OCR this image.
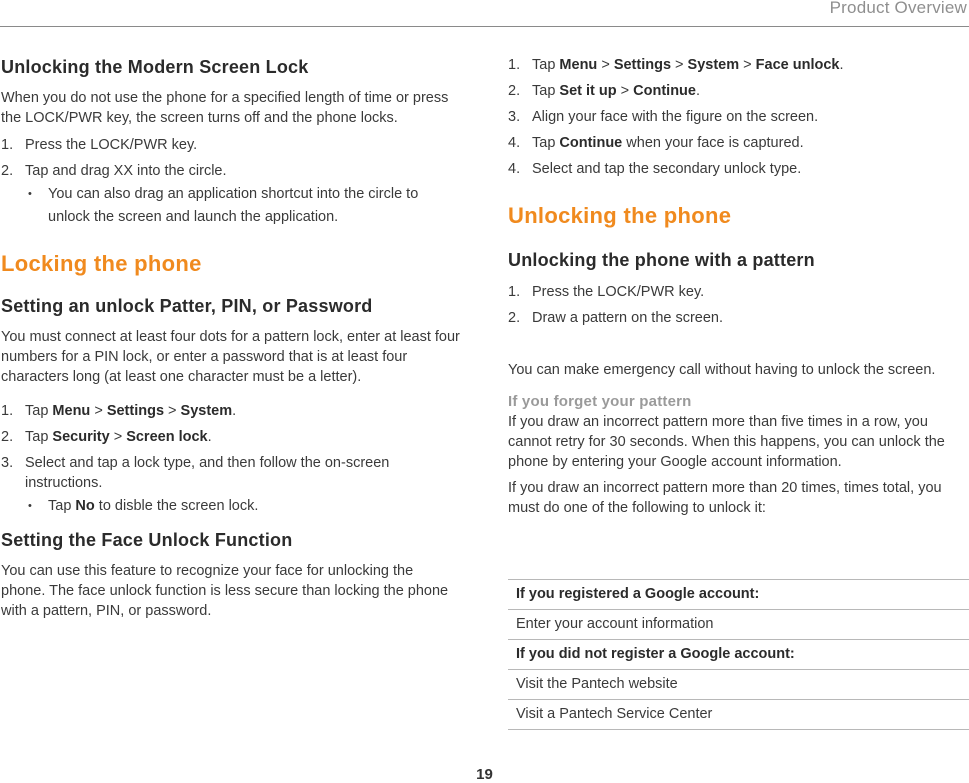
Product Overview
Unlocking the Modern Screen Lock

When you do not use the phone for a specified length of time or press the LOCK/PWR key, the screen turns off and the phone locks.

1. Press the LOCK/PWR key.
2. Tap and drag XX into the circle.
• You can also drag an application shortcut into the circle to unlock the screen and launch the application.
Locking the phone
Setting an unlock Patter, PIN, or Password

You must connect at least four dots for a pattern lock, enter at least four numbers for a PIN lock, or enter a password that is at least four characters long (at least one character must be a letter).

1. Tap Menu > Settings > System.
2. Tap Security > Screen lock.
3. Select and tap a lock type, and then follow the on-screen instructions.
• Tap No to disble the screen lock.
Setting the Face Unlock Function

You can use this feature to recognize your face for unlocking the phone. The face unlock function is less secure than locking the phone with a pattern, PIN, or password.

1. Tap Menu > Settings > System > Face unlock.
2. Tap Set it up > Continue.
3. Align your face with the figure on the screen.
4. Tap Continue when your face is captured.
4. Select and tap the secondary unlock type.
Unlocking the phone
Unlocking the phone with a pattern
1. Press the LOCK/PWR key.
2. Draw a pattern on the screen.

You can make emergency call without having to unlock the screen.

If you forget your pattern

If you draw an incorrect pattern more than five times in a row, you cannot retry for 30 seconds. When this happens, you can unlock the phone by entering your Google account information.

If you draw an incorrect pattern more than 20 times, times total, you must do one of the following to unlock it:

If you registered a Google account:
Enter your account information
If you did not register a Google account:
Visit the Pantech website
Visit a Pantech Service Center
19
